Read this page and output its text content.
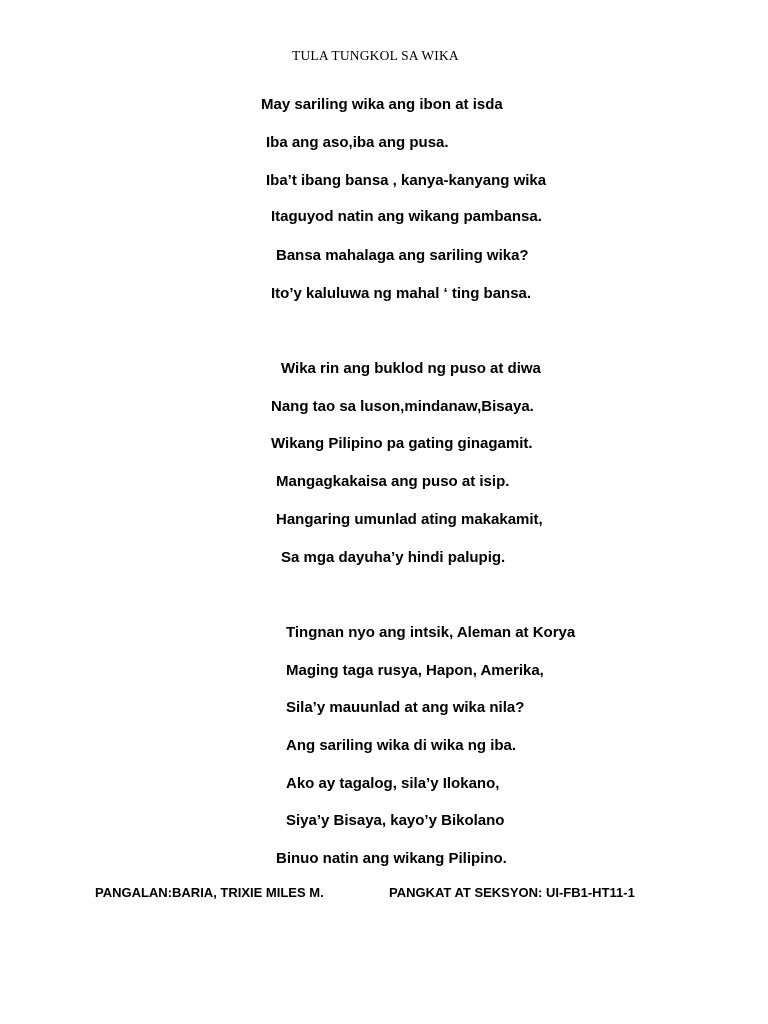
TULA TUNGKOL SA WIKA
May sariling wika ang ibon at isda
Iba ang aso,iba ang pusa.
Iba’t ibang bansa , kanya-kanyang wika
Itaguyod natin ang wikang pambansa.
Bansa mahalaga ang sariling wika?
Ito’y kaluluwa ng mahal ‘ ting bansa.
Wika rin ang buklod ng puso at diwa
Nang tao sa luson,mindanaw,Bisaya.
Wikang Pilipino pa gating ginagamit.
Mangagkakaisa ang puso at isip.
Hangaring umunlad ating makakamit,
Sa mga dayuha’y hindi palupig.
Tingnan nyo ang intsik, Aleman at Korya
Maging taga rusya, Hapon, Amerika,
Sila’y mauunlad at ang wika nila?
Ang sariling wika di wika ng iba.
Ako ay tagalog, sila’y Ilokano,
Siya’y Bisaya, kayo’y Bikolano
Binuo natin ang wikang Pilipino.
PANGALAN:BARIA, TRIXIE MILES M.	PANGKAT AT SEKSYON: UI-FB1-HT11-1
